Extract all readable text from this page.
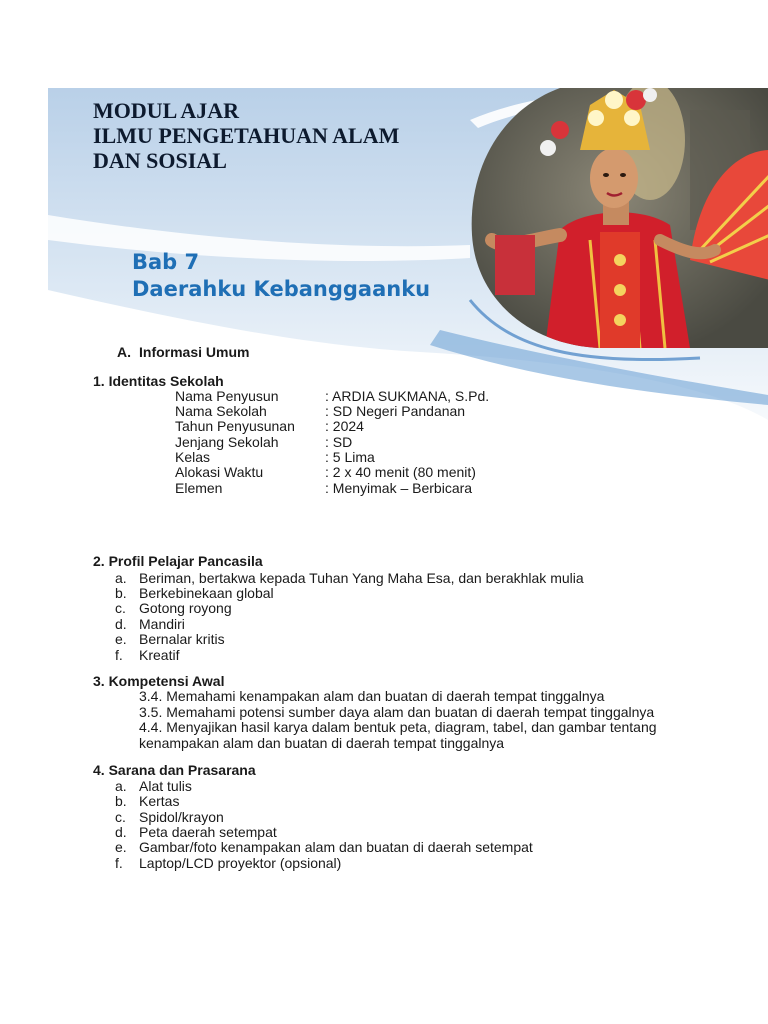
MODUL AJAR
ILMU PENGETAHUAN ALAM
DAN SOSIAL
Bab 7
Daerahku Kebanggaanku
A. Informasi Umum
1. Identitas Sekolah
Nama Penyusun	: ARDIA SUKMANA, S.Pd.
Nama Sekolah	: SD Negeri Pandanan
Tahun Penyusunan : 2024
Jenjang Sekolah	: SD
Kelas	: 5 Lima
Alokasi Waktu	: 2 x 40 menit (80 menit)
Elemen	: Menyimak – Berbicara
2. Profil Pelajar Pancasila
a. Beriman, bertakwa kepada Tuhan Yang Maha Esa, dan berakhlak mulia
b. Berkebinekaan global
c. Gotong royong
d. Mandiri
e. Bernalar kritis
f. Kreatif
3. Kompetensi Awal
3.4. Memahami kenampakan alam dan buatan di daerah tempat tinggalnya
3.5. Memahami potensi sumber daya alam dan buatan di daerah tempat tinggalnya
4.4. Menyajikan hasil karya dalam bentuk peta, diagram, tabel, dan gambar tentang
kenampakan alam dan buatan di daerah tempat tinggalnya
4. Sarana dan Prasarana
a. Alat tulis
b. Kertas
c. Spidol/krayon
d. Peta daerah setempat
e. Gambar/foto kenampakan alam dan buatan di daerah setempat
f. Laptop/LCD proyektor (opsional)
